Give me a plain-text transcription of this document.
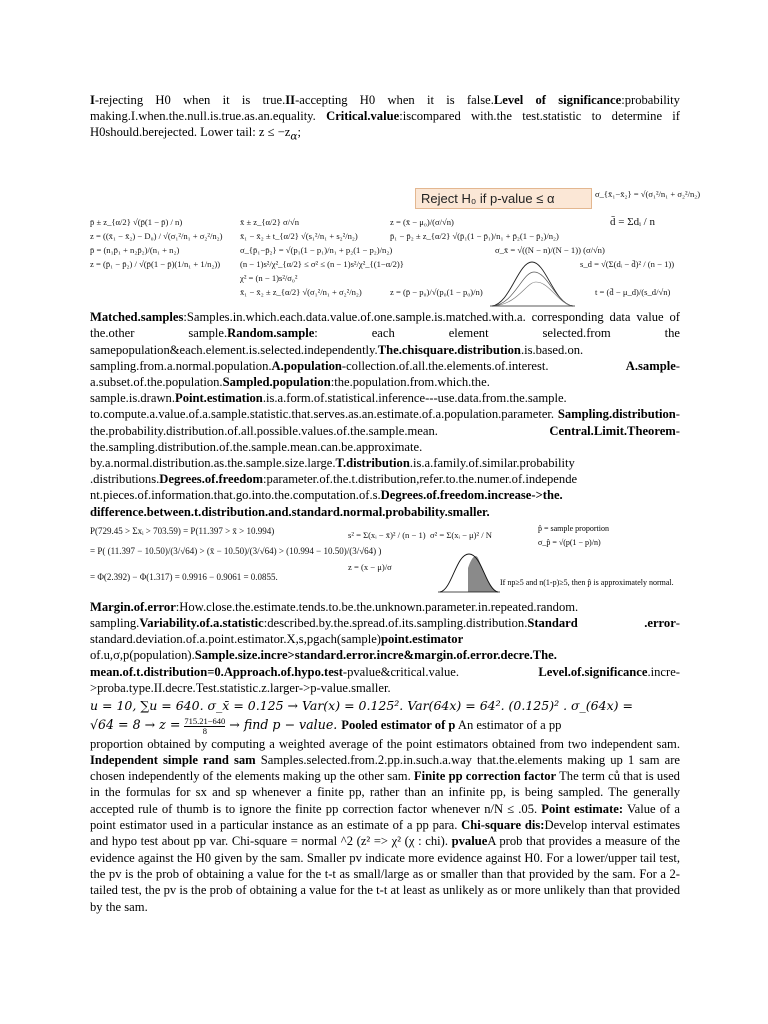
I-rejecting H0 when it is true.II-accepting H0 when it is false.Level of significance:probability making.I.when.the.null.is.true.as.an.equality. Critical.value:iscompared with.the test.statistic to determine if H0should.berejected. Lower tail: $z \le -z_\alpha$;

Reject H₀ if p-value ≤ α
p̄ ± z_{α/2} √(p̄(1 − p̄) / n)
z = ((x̄₁ − x̄₂) − D₀) / √(σ₁²/n₁ + σ₂²/n₂)
p̄ = (n₁p̄₁ + n₂p̄₂)/(n₁ + n₂)
z = (p̄₁ − p̄₂) / √(p̄(1 − p̄)(1/n₁ + 1/n₂))
x̄ ± z_{α/2} σ/√n
x̄₁ − x̄₂ ± t_{α/2} √(s₁²/n₁ + s₂²/n₂)
σ_{p̄₁−p̄₂} = √(p₁(1 − p₁)/n₁ + p₂(1 − p₂)/n₂)
(n − 1)s²/χ²_{α/2} ≤ σ² ≤ (n − 1)s²/χ²_{(1−α/2)}
χ² = (n − 1)s²/σ₀²
x̄₁ − x̄₂ ± z_{α/2} √(σ₁²/n₁ + σ₂²/n₂)
z = (x̄ − μ₀)/(σ/√n)
p̄₁ − p̄₂ ± z_{α/2} √(p̄₁(1 − p̄₁)/n₁ + p̄₂(1 − p̄₂)/n₂)
z = (p̄ − p₀)/√(p₀(1 − p₀)/n)
σ_x̄ = √((N − n)/(N − 1)) (σ/√n)
σ_{x̄₁−x̄₂} = √(σ₁²/n₁ + σ₂²/n₂)
d̄ = Σdᵢ / n
s_d = √(Σ(dᵢ − d̄)² / (n − 1))
t = (d̄ − μ_d)/(s_d/√n)

Matched.samples:Samples.in.which.each.data.value.of.one.sample.is.matched.with.a. corresponding data value of the.other sample.Random.sample: each element selected.from the samepopulation&each.element.is.selected.independently.The.chisquare.distribution.is.based.on. sampling.from.a.normal.population.A.population-collection.of.all.the.elements.of.interest. A.sample-a.subset.of.the.population.Sampled.population:the.population.from.which.the. sample.is.drawn.Point.estimation.is.a.form.of.statistical.inference---use.data.from.the.sample. to.compute.a.value.of.a.sample.statistic.that.serves.as.an.estimate.of.a.population.parameter. Sampling.distribution-the.probability.distribution.of.all.possible.values.of.the.sample.mean. Central.Limit.Theorem-the.sampling.distribution.of.the.sample.mean.can.be.approximate. by.a.normal.distribution.as.the.sample.size.large.T.distribution.is.a.family.of.similar.probability .distributions.Degrees.of.freedom:parameter.of.the.t.distribution,refer.to.the.numer.of.independe nt.pieces.of.information.that.go.into.the.computation.of.s.Degrees.of.freedom.increase->the. difference.between.t.distribution.and.standard.normal.probability.smaller.

P(729.45 > Σxᵢ > 703.59) = P(11.397 > x̄ > 10.994)
= P( (11.397 − 10.50)/(3/√64) > (x̄ − 10.50)/(3/√64) > (10.994 − 10.50)/(3/√64) )
= Φ(2.392) − Φ(1.317) = 0.9916 − 0.9061 = 0.0855.
s² = Σ(xᵢ − x̄)² / (n − 1)
z = (x − μ)/σ
σ² = Σ(xᵢ − μ)² / N
p̂ = sample proportion
σ_p̂ = √(p(1 − p)/n)
If np≥5 and n(1-p)≥5, then p̂ is approximately normal.

Margin.of.error:How.close.the.estimate.tends.to.be.the.unknown.parameter.in.repeated.random. sampling.Variability.of.a.statistic:described.by.the.spread.of.its.sampling.distribution.Standard .error-standard.deviation.of.a.point.estimator.X,s,pgach(sample)point.estimator of.u,σ,p(population).Sample.size.incre>standard.error.incre&margin.of.error.decre.The. mean.of.t.distribution=0.Approach.of.hypo.test-pvalue&critical.value. Level.of.significance.incre->proba.type.II.decre.Test.statistic.z.larger->p-value.smaller.

u = 10, ∑u = 640. σ_x̄ = 0.125 → Var(x) = 0.125². Var(64x) = 64². (0.125)² . σ_(64x) =

$√64 = 8 \to z = \frac{715.21-640}{8}$ → find p − value. Pooled estimator of p An estimator of a pp

proportion obtained by computing a weighted average of the point estimators obtained from two independent sam. Independent simple rand sam Samples.selected.from.2.pp.in.such.a.way that.the.elements making up 1 sam are chosen independently of the elements making up the other sam. Finite pp correction factor The term ců that is used in the formulas for sx and sp whenever a finite pp, rather than an infinite pp, is being sampled. The generally accepted rule of thumb is to ignore the finite pp correction factor whenever n/N ≤ .05. Point estimate: Value of a point estimator used in a particular instance as an estimate of a pp para. Chi-square dis:Develop interval estimates and hypo test about pp var. Chi-square = normal ^2 (z² => χ² (χ : chi). pvalueA prob that provides a measure of the evidence against the H0 given by the sam. Smaller pv indicate more evidence against H0. For a lower/upper tail test, the pv is the prob of obtaining a value for the t-t as small/large as or smaller than that provided by the sam. For a 2-tailed test, the pv is the prob of obtaining a value for the t-t at least as unlikely as or more unlikely than that provided by the sam.
